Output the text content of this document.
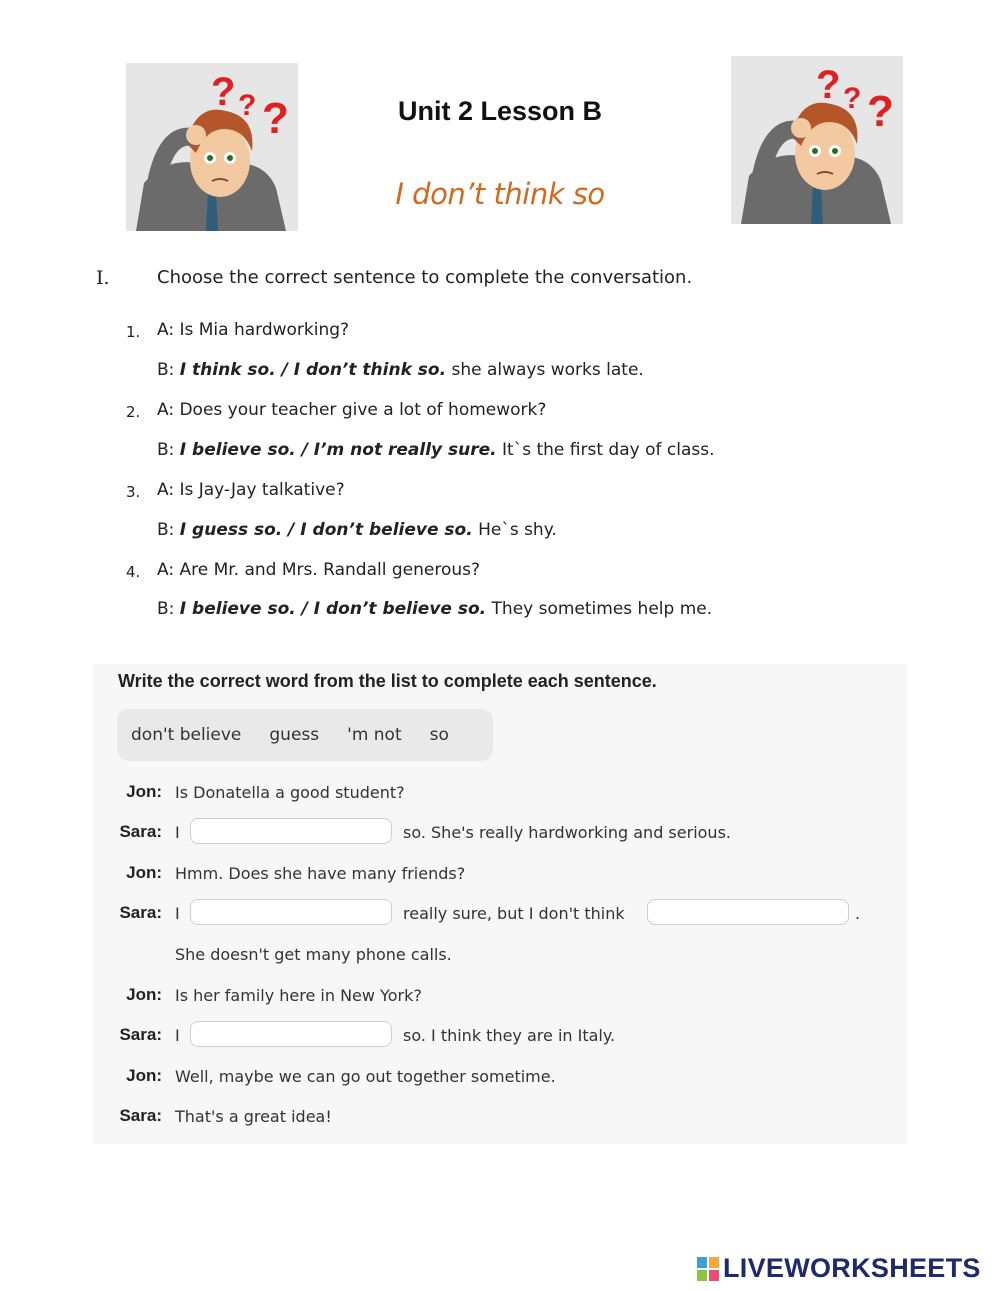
? ? ?
? ? ?
Unit 2 Lesson B
I don’t think so
I.	Choose the correct sentence to complete the conversation.
1. A: Is Mia hardworking?
B: I think so. / I don’t think so. she always works late.
2. A: Does your teacher give a lot of homework?
B: I believe so. / I’m not really sure. It`s the first day of class.
3. A: Is Jay-Jay talkative?
B: I guess so. / I don’t believe so. He`s shy.
4. A: Are Mr. and Mrs. Randall generous?
B: I believe so. / I don’t believe so. They sometimes help me.
Write the correct word from the list to complete each sentence.
don't believe guess 'm not so
Jon: Is Donatella a good student?
Sara: I	so. She's really hardworking and serious.
Jon: Hmm. Does she have many friends?
Sara: I	really sure, but I don't think	.
She doesn't get many phone calls.
Jon: Is her family here in New York?
Sara: I	so. I think they are in Italy.
Jon: Well, maybe we can go out together sometime.
Sara: That's a great idea!
LIVEWORKSHEETS
